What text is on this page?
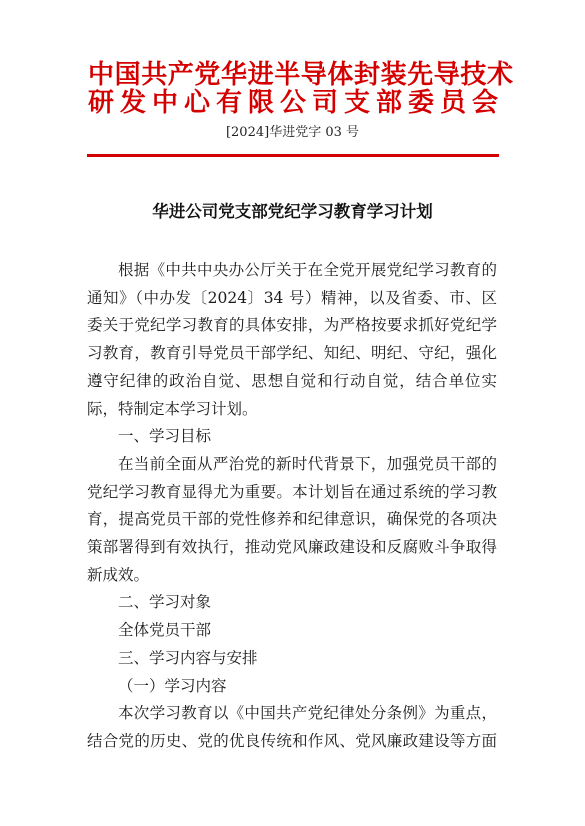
中国共产党华进半导体封装先导技术
研发中心有限公司支部委员会
[2024]华进党字 03 号
华进公司党支部党纪学习教育学习计划

根据《中共中央办公厅关于在全党开展党纪学习教育的通知》（中办发〔2024〕34 号）精神，以及省委、市、区委关于党纪学习教育的具体安排，为严格按要求抓好党纪学习教育，教育引导党员干部学纪、知纪、明纪、守纪，强化遵守纪律的政治自觉、思想自觉和行动自觉，结合单位实际，特制定本学习计划。

一、学习目标

在当前全面从严治党的新时代背景下，加强党员干部的党纪学习教育显得尤为重要。本计划旨在通过系统的学习教育，提高党员干部的党性修养和纪律意识，确保党的各项决策部署得到有效执行，推动党风廉政建设和反腐败斗争取得新成效。

二、学习对象

全体党员干部

三、学习内容与安排

（一）学习内容

本次学习教育以《中国共产党纪律处分条例》为重点，结合党的历史、党的优良传统和作风、党风廉政建设等方面
